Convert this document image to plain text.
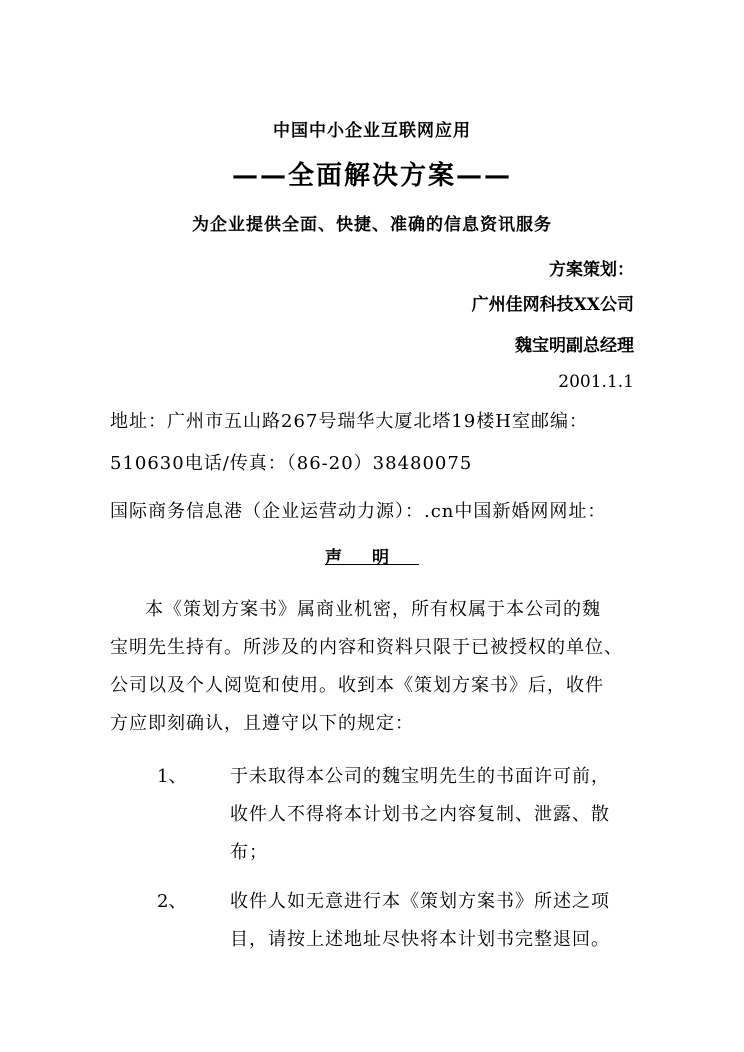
中国中小企业互联网应用
——全面解决方案——
为企业提供全面、快捷、准确的信息资讯服务
方案策划：
广州佳网科技XX公司
魏宝明副总经理
2001.1.1
地址：广州市五山路267号瑞华大厦北塔19楼H室邮编：
510630电话/传真：（86-20）38480075
国际商务信息港（企业运营动力源）：.cn中国新婚网网址：
声明
本《策划方案书》属商业机密，所有权属于本公司的魏
宝明先生持有。所涉及的内容和资料只限于已被授权的单位、
公司以及个人阅览和使用。收到本《策划方案书》后，收件
方应即刻确认，且遵守以下的规定：
1、 于未取得本公司的魏宝明先生的书面许可前，
收件人不得将本计划书之内容复制、泄露、散
布；
2、 收件人如无意进行本《策划方案书》所述之项
目，请按上述地址尽快将本计划书完整退回。
